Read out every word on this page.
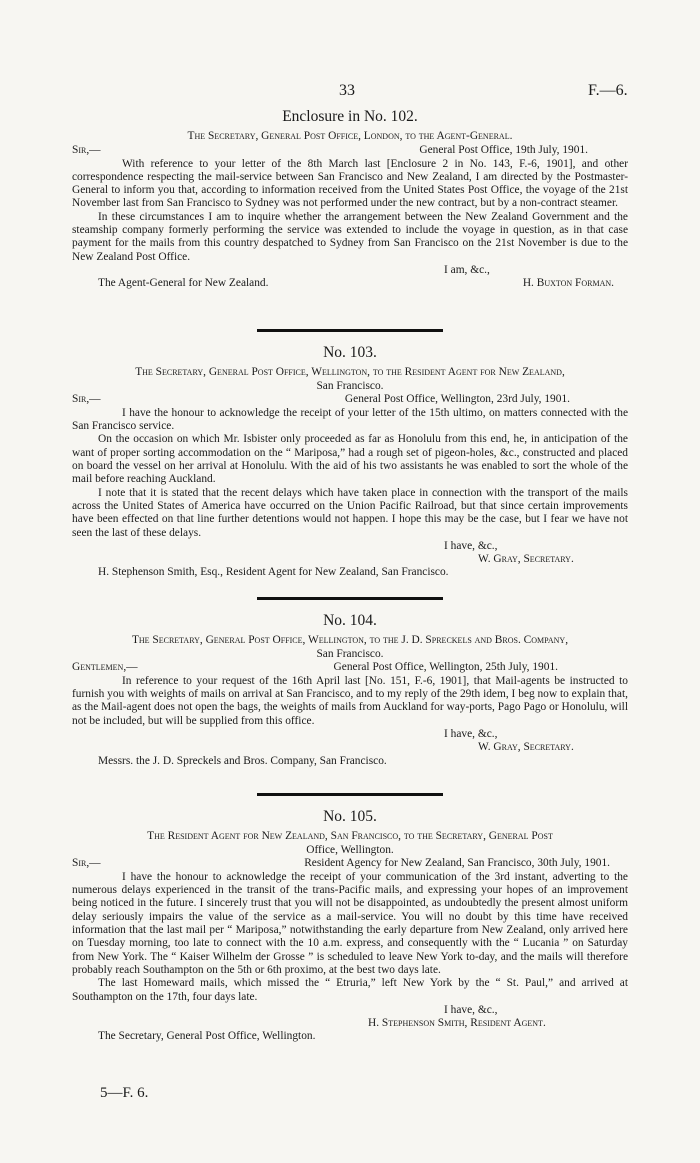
33	F.—6.
Enclosure in No. 102.
The Secretary, General Post Office, London, to the Agent-General.
Sir,—	General Post Office, 19th July, 1901.

With reference to your letter of the 8th March last [Enclosure 2 in No. 143, F.-6, 1901], and other correspondence respecting the mail-service between San Francisco and New Zealand, I am directed by the Postmaster-General to inform you that, according to information received from the United States Post Office, the voyage of the 21st November last from San Francisco to Sydney was not performed under the new contract, but by a non-contract steamer.

In these circumstances I am to inquire whether the arrangement between the New Zealand Government and the steamship company formerly performing the service was extended to include the voyage in question, as in that case payment for the mails from this country despatched to Sydney from San Francisco on the 21st November is due to the New Zealand Post Office.

I am, &c.,
The Agent-General for New Zealand.	H. Buxton Forman.
No. 103.
The Secretary, General Post Office, Wellington, to the Resident Agent for New Zealand,
San Francisco.
Sir,—	General Post Office, Wellington, 23rd July, 1901.

I have the honour to acknowledge the receipt of your letter of the 15th ultimo, on matters connected with the San Francisco service.

On the occasion on which Mr. Isbister only proceeded as far as Honolulu from this end, he, in anticipation of the want of proper sorting accommodation on the “ Mariposa,” had a rough set of pigeon-holes, &c., constructed and placed on board the vessel on her arrival at Honolulu. With the aid of his two assistants he was enabled to sort the whole of the mail before reaching Auckland.

I note that it is stated that the recent delays which have taken place in connection with the transport of the mails across the United States of America have occurred on the Union Pacific Railroad, but that since certain improvements have been effected on that line further detentions would not happen. I hope this may be the case, but I fear we have not seen the last of these delays.

I have, &c.,
W. Gray, Secretary.
H. Stephenson Smith, Esq., Resident Agent for New Zealand, San Francisco.
No. 104.
The Secretary, General Post Office, Wellington, to the J. D. Spreckels and Bros. Company,
San Francisco.
Gentlemen,—	General Post Office, Wellington, 25th July, 1901.

In reference to your request of the 16th April last [No. 151, F.-6, 1901], that Mail-agents be instructed to furnish you with weights of mails on arrival at San Francisco, and to my reply of the 29th idem, I beg now to explain that, as the Mail-agent does not open the bags, the weights of mails from Auckland for way-ports, Pago Pago or Honolulu, will not be included, but will be supplied from this office.

I have, &c.,
W. Gray, Secretary.
Messrs. the J. D. Spreckels and Bros. Company, San Francisco.
No. 105.
The Resident Agent for New Zealand, San Francisco, to the Secretary, General Post
Office, Wellington.
Sir,—	Resident Agency for New Zealand, San Francisco, 30th July, 1901.

I have the honour to acknowledge the receipt of your communication of the 3rd instant, adverting to the numerous delays experienced in the transit of the trans-Pacific mails, and expressing your hopes of an improvement being noticed in the future. I sincerely trust that you will not be disappointed, as undoubtedly the present almost uniform delay seriously impairs the value of the service as a mail-service. You will no doubt by this time have received information that the last mail per “ Mariposa,” notwithstanding the early departure from New Zealand, only arrived here on Tuesday morning, too late to connect with the 10 a.m. express, and consequently with the “ Lucania ” on Saturday from New York. The “ Kaiser Wilhelm der Grosse ” is scheduled to leave New York to-day, and the mails will therefore probably reach Southampton on the 5th or 6th proximo, at the best two days late.

The last Homeward mails, which missed the “ Etruria,” left New York by the “ St. Paul,” and arrived at Southampton on the 17th, four days late.

I have, &c.,
H. Stephenson Smith, Resident Agent.
The Secretary, General Post Office, Wellington.
5—F. 6.
